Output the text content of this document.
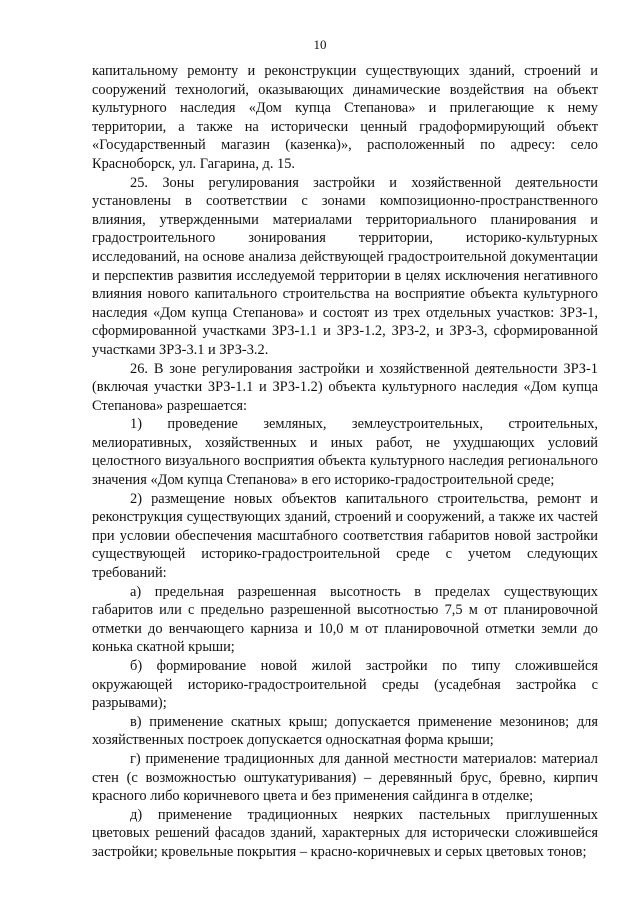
10

капитальному ремонту и реконструкции существующих зданий, строений и сооружений технологий, оказывающих динамические воздействия на объект культурного наследия «Дом купца Степанова» и прилегающие к нему территории, а также на исторически ценный градоформирующий объект «Государственный магазин (казенка)», расположенный по адресу: село Красноборск, ул. Гагарина, д. 15.

25. Зоны регулирования застройки и хозяйственной деятельности установлены в соответствии с зонами композиционно-пространственного влияния, утвержденными материалами территориального планирования и градостроительного зонирования территории, историко-культурных исследований, на основе анализа действующей градостроительной документации и перспектив развития исследуемой территории в целях исключения негативного влияния нового капитального строительства на восприятие объекта культурного наследия «Дом купца Степанова» и состоят из трех отдельных участков: ЗРЗ-1, сформированной участками ЗРЗ-1.1 и ЗРЗ-1.2, ЗРЗ-2, и ЗРЗ-3, сформированной участками ЗРЗ-3.1 и ЗРЗ-3.2.

26. В зоне регулирования застройки и хозяйственной деятельности ЗРЗ-1 (включая участки ЗРЗ-1.1 и ЗРЗ-1.2) объекта культурного наследия «Дом купца Степанова» разрешается:

1) проведение земляных, землеустроительных, строительных, мелиоративных, хозяйственных и иных работ, не ухудшающих условий целостного визуального восприятия объекта культурного наследия регионального значения «Дом купца Степанова» в его историко-градостроительной среде;

2) размещение новых объектов капитального строительства, ремонт и реконструкция существующих зданий, строений и сооружений, а также их частей при условии обеспечения масштабного соответствия габаритов новой застройки существующей историко-градостроительной среде с учетом следующих требований:

а) предельная разрешенная высотность в пределах существующих габаритов или с предельно разрешенной высотностью 7,5 м от планировочной отметки до венчающего карниза и 10,0 м от планировочной отметки земли до конька скатной крыши;

б) формирование новой жилой застройки по типу сложившейся окружающей историко-градостроительной среды (усадебная застройка с разрывами);

в) применение скатных крыш; допускается применение мезонинов; для хозяйственных построек допускается односкатная форма крыши;

г) применение традиционных для данной местности материалов: материал стен (с возможностью оштукатуривания) – деревянный брус, бревно, кирпич красного либо коричневого цвета и без применения сайдинга в отделке;

д) применение традиционных неярких пастельных приглушенных цветовых решений фасадов зданий, характерных для исторически сложившейся застройки; кровельные покрытия – красно-коричневых и серых цветовых тонов;
